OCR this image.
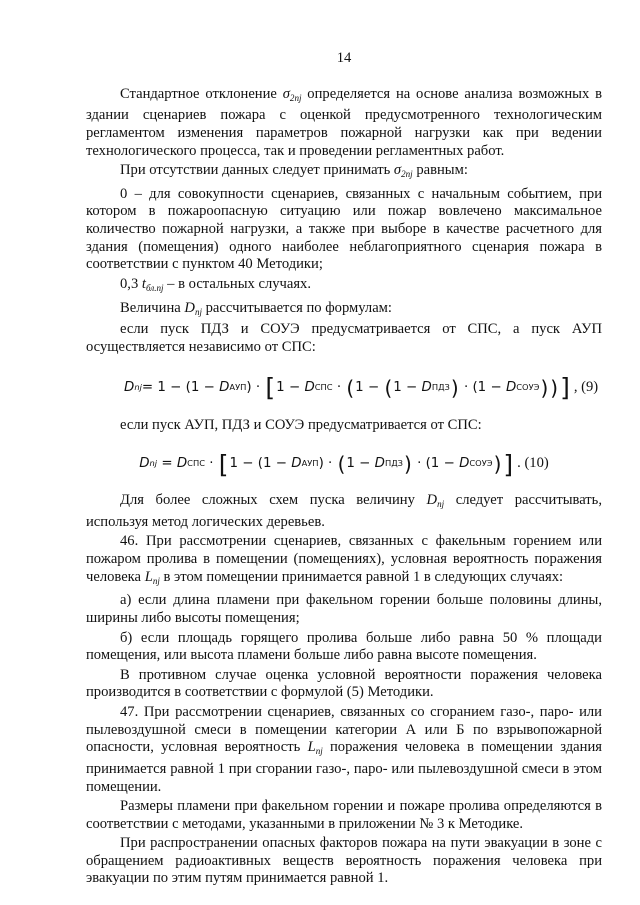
14

Стандартное отклонение $\sigma_{2nj}$ определяется на основе анализа возможных в здании сценариев пожара с оценкой предусмотренного технологическим регламентом изменения параметров пожарной нагрузки как при ведении технологического процесса, так и проведении регламентных работ.

При отсутствии данных следует принимать $\sigma_{2nj}$ равным:

0 – для совокупности сценариев, связанных с начальным событием, при котором в пожароопасную ситуацию или пожар вовлечено максимальное количество пожарной нагрузки, а также при выборе в качестве расчетного для здания (помещения) одного наиболее неблагоприятного сценария пожара в соответствии с пунктом 40 Методики;

0,3 $t_{бл.nj}$ – в остальных случаях.

Величина $D_{nj}$ рассчитывается по формулам:

если пуск ПДЗ и СОУЭ предусматривается от СПС, а пуск АУП осуществляется независимо от СПС:

D nj = 1 − (1 − D АУП ) · [ 1 − D СПС · ( 1 − ( 1 − D ПДЗ ) · (1 − D СОУЭ ) ) ] , (9)

если пуск АУП, ПДЗ и СОУЭ предусматривается от СПС:

D nj = D СПС · [ 1 − (1 − D АУП ) · ( 1 − D ПДЗ ) · (1 − D СОУЭ ) ] . (10)

Для более сложных схем пуска величину $D_{nj}$ следует рассчитывать, используя метод логических деревьев.

46. При рассмотрении сценариев, связанных с факельным горением или пожаром пролива в помещении (помещениях), условная вероятность поражения человека $L_{nj}$ в этом помещении принимается равной 1 в следующих случаях:

а) если длина пламени при факельном горении больше половины длины, ширины либо высоты помещения;

б) если площадь горящего пролива больше либо равна 50 % площади помещения, или высота пламени больше либо равна высоте помещения.

В противном случае оценка условной вероятности поражения человека производится в соответствии с формулой (5) Методики.

47. При рассмотрении сценариев, связанных со сгоранием газо-, паро- или пылевоздушной смеси в помещении категории А или Б по взрывопожарной опасности, условная вероятность $L_{nj}$ поражения человека в помещении здания принимается равной 1 при сгорании газо-, паро- или пылевоздушной смеси в этом помещении.

Размеры пламени при факельном горении и пожаре пролива определяются в соответствии с методами, указанными в приложении № 3 к Методике.

При распространении опасных факторов пожара на пути эвакуации в зоне с обращением радиоактивных веществ вероятность поражения человека при эвакуации по этим путям принимается равной 1.
